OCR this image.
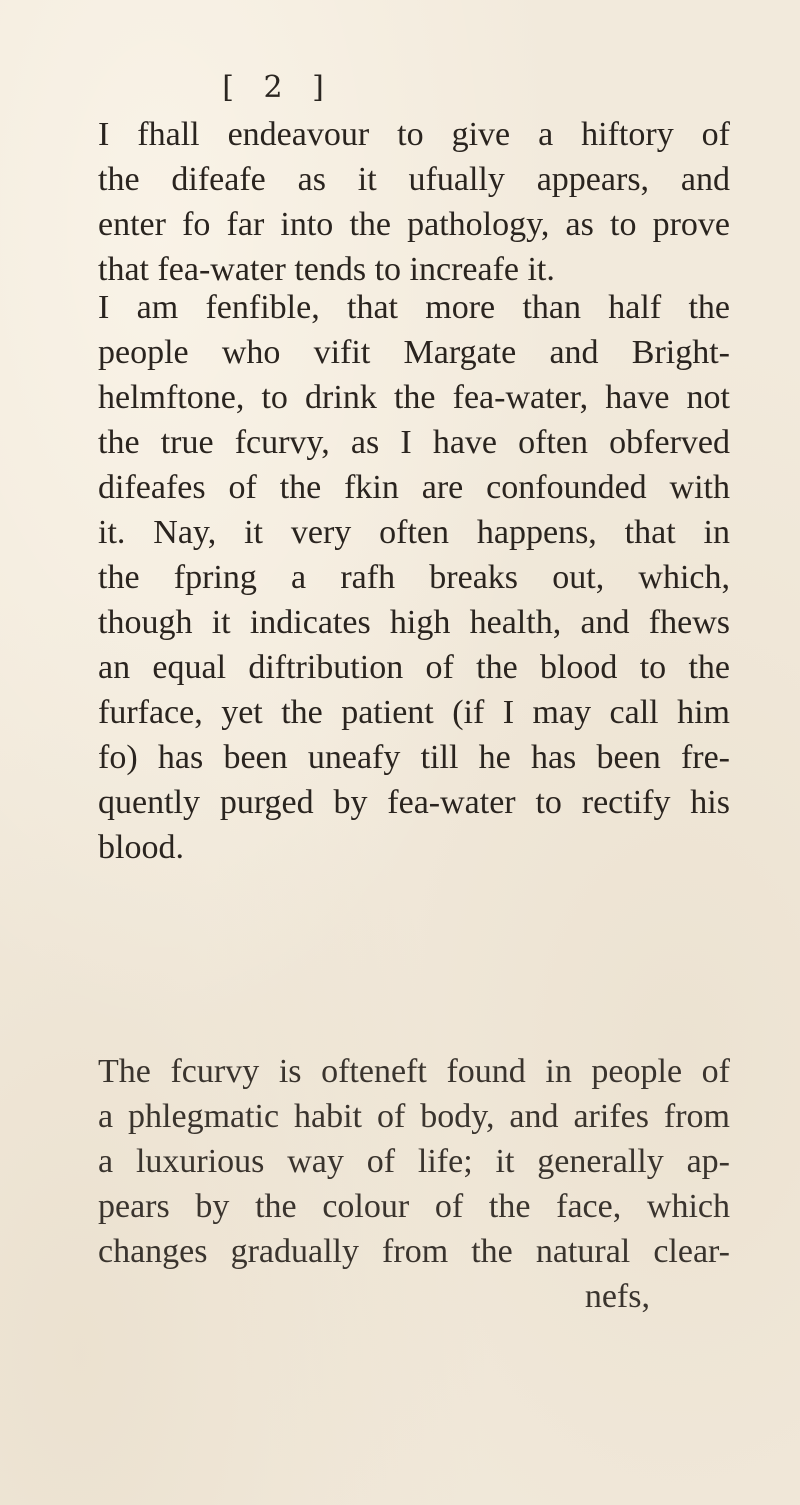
[ 2 ]
I fhall endeavour to give a hiftory of
the difeafe as it ufually appears, and
enter fo far into the pathology, as to prove
that fea-water tends to increafe it.
I am fenfible, that more than half the
people who vifit Margate and Bright-
helmftone, to drink the fea-water, have not
the true fcurvy, as I have often obferved
difeafes of the fkin are confounded with
it. Nay, it very often happens, that in
the fpring a rafh breaks out, which,
though it indicates high health, and fhews
an equal diftribution of the blood to the
furface, yet the patient (if I may call him
fo) has been uneafy till he has been fre-
quently purged by fea-water to rectify his
blood.
The fcurvy is ofteneft found in people of
a phlegmatic habit of body, and arifes from
a luxurious way of life; it generally ap-
pears by the colour of the face, which
changes gradually from the natural clear-
nefs,
